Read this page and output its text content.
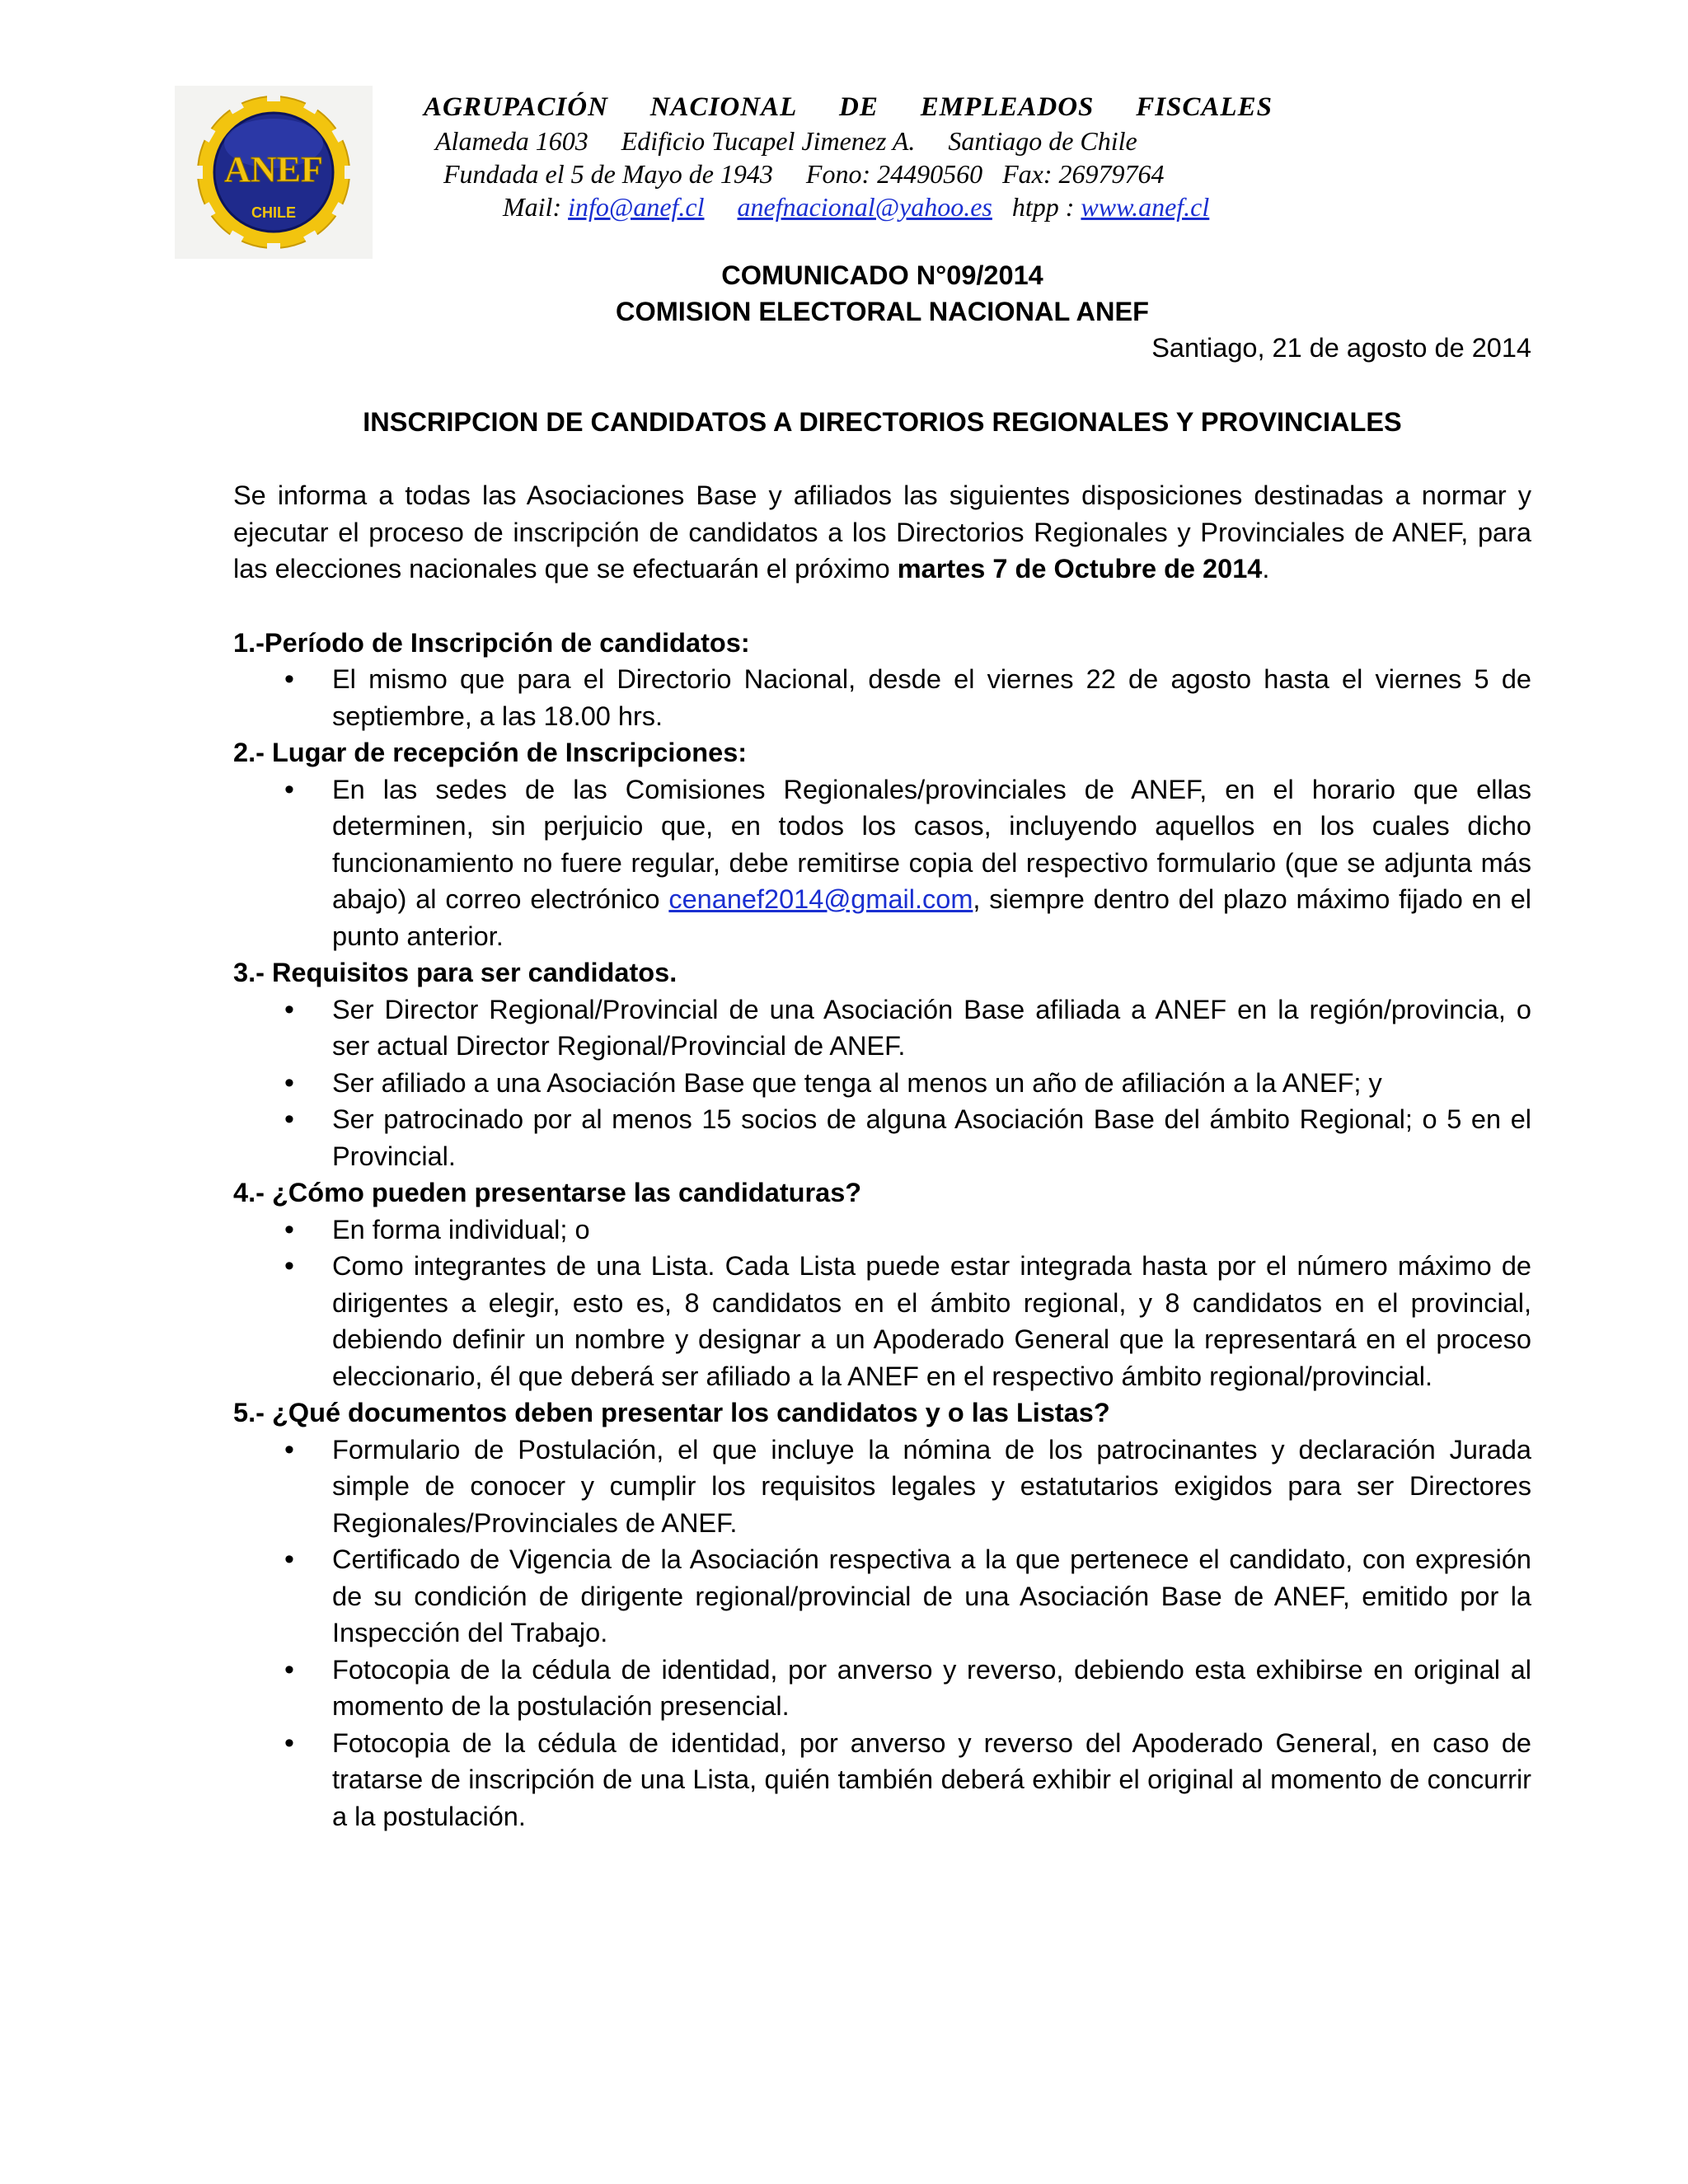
ANEF
CHILE
AGRUPACIÓN NACIONAL DE EMPLEADOS FISCALES
Alameda 1603     Edificio Tucapel Jimenez A.     Santiago de Chile
Fundada el 5 de Mayo de 1943     Fono: 24490560   Fax: 26979764
Mail: info@anef.cl anefnacional@yahoo.es htpp : www.anef.cl
COMUNICADO N°09/2014
COMISION ELECTORAL NACIONAL ANEF
Santiago, 21 de agosto de 2014
INSCRIPCION DE CANDIDATOS A DIRECTORIOS REGIONALES Y PROVINCIALES
Se informa a todas las Asociaciones Base y afiliados las siguientes disposiciones destinadas a normar y ejecutar el proceso de inscripción de candidatos a los Directorios Regionales y Provinciales de ANEF, para las elecciones nacionales que se efectuarán el próximo martes 7 de Octubre de 2014.
1.-Período de Inscripción de candidatos:
• El mismo que para el Directorio Nacional, desde el viernes 22 de agosto hasta el viernes 5 de septiembre, a las 18.00 hrs.
2.- Lugar de recepción de Inscripciones:
• En las sedes de las Comisiones Regionales/provinciales de ANEF, en el horario que ellas determinen, sin perjuicio que, en todos los casos, incluyendo aquellos en los cuales dicho funcionamiento no fuere regular, debe remitirse copia del respectivo formulario (que se adjunta más abajo) al correo electrónico cenanef2014@gmail.com, siempre dentro del plazo máximo fijado en el punto anterior.
3.- Requisitos para ser candidatos.
• Ser Director Regional/Provincial de una Asociación Base afiliada a ANEF en la región/provincia, o ser actual Director Regional/Provincial de ANEF.
• Ser afiliado a una Asociación Base que tenga al menos un año de afiliación a la ANEF; y
• Ser patrocinado por al menos 15 socios de alguna Asociación Base del ámbito Regional; o 5 en el Provincial.
4.- ¿Cómo pueden presentarse las candidaturas?
• En forma individual; o
• Como integrantes de una Lista. Cada Lista puede estar integrada hasta por el número máximo de dirigentes a elegir, esto es, 8 candidatos en el ámbito regional, y 8 candidatos en el provincial, debiendo definir un nombre y designar a un Apoderado General que la representará en el proceso eleccionario, él que deberá ser afiliado a la ANEF en el respectivo ámbito regional/provincial.
5.- ¿Qué documentos deben presentar los candidatos y o las Listas?
• Formulario de Postulación, el que incluye la nómina de los patrocinantes y declaración Jurada simple de conocer y cumplir los requisitos legales y estatutarios exigidos para ser Directores Regionales/Provinciales de ANEF.
• Certificado de Vigencia de la Asociación respectiva a la que pertenece el candidato, con expresión de su condición de dirigente regional/provincial de una Asociación Base de ANEF, emitido por la Inspección del Trabajo.
• Fotocopia de la cédula de identidad, por anverso y reverso, debiendo esta exhibirse en original al momento de la postulación presencial.
• Fotocopia de la cédula de identidad, por anverso y reverso del Apoderado General, en caso de tratarse de inscripción de una Lista, quién también deberá exhibir el original al momento de concurrir a la postulación.
